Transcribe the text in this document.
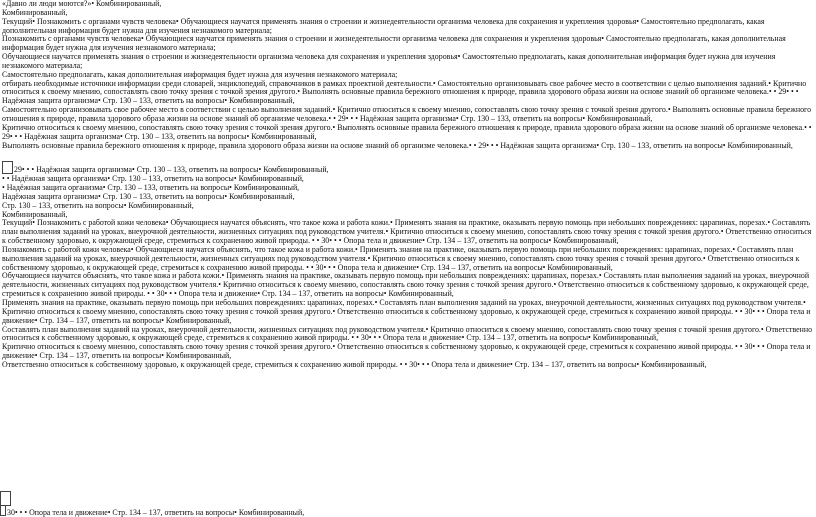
«Давно ли люди моются?»• Комбинированный,

Комбинированный,

Текущий• Познакомить с органами чувств человека• Обучающиеся научатся применять знания о строении и жизнедеятельности организма человека для сохранения и укрепления здоровья• Самостоятельно предполагать, какая дополнительная информация будет нужна для изучения незнакомого материала;

Познакомить с органами чувств человека• Обучающиеся научатся применять знания о строении и жизнедеятельности организма человека для сохранения и укрепления здоровья• Самостоятельно предполагать, какая дополнительная информация будет нужна для изучения незнакомого материала;

Обучающиеся научатся применять знания о строении и жизнедеятельности организма человека для сохранения и укрепления здоровья• Самостоятельно предполагать, какая дополнительная информация будет нужна для изучения незнакомого материала;

Самостоятельно предполагать, какая дополнительная информация будет нужна для изучения незнакомого материала;

отбирать необходимые источники информации среди словарей, энциклопедий, справочников в рамках проектной деятельности.• Самостоятельно организовывать свое рабочее место в соответствии с целью выполнения заданий.• Критично относиться к своему мнению, сопоставлять свою точку зрения с точкой зрения другого.• Выполнять основные правила бережного отношения к природе, правила здорового образа жизни на основе знаний об организме человека.• • 29• • • Надёжная защита организма• Стр. 130 – 133, ответить на вопросы• Комбинированный,

Самостоятельно организовывать свое рабочее место в соответствии с целью выполнения заданий.• Критично относиться к своему мнению, сопоставлять свою точку зрения с точкой зрения другого.• Выполнять основные правила бережного отношения к природе, правила здорового образа жизни на основе знаний об организме человека.• • 29• • • Надёжная защита организма• Стр. 130 – 133, ответить на вопросы• Комбинированный,

Критично относиться к своему мнению, сопоставлять свою точку зрения с точкой зрения другого.• Выполнять основные правила бережного отношения к природе, правила здорового образа жизни на основе знаний об организме человека.• • 29• • • Надёжная защита организма• Стр. 130 – 133, ответить на вопросы• Комбинированный,

Выполнять основные правила бережного отношения к природе, правила здорового образа жизни на основе знаний об организме человека.• • 29• • • Надёжная защита организма• Стр. 130 – 133, ответить на вопросы• Комбинированный,

29• • • Надёжная защита организма• Стр. 130 – 133, ответить на вопросы• Комбинированный,

• • Надёжная защита организма• Стр. 130 – 133, ответить на вопросы• Комбинированный,

• Надёжная защита организма• Стр. 130 – 133, ответить на вопросы• Комбинированный,

Надёжная защита организма• Стр. 130 – 133, ответить на вопросы• Комбинированный,

Стр. 130 – 133, ответить на вопросы• Комбинированный,

Комбинированный,

Текущий• Познакомить с работой кожи человека• Обучающиеся научатся объяснять, что такое кожа и работа кожи.• Применять знания на практике, оказывать первую помощь при небольших повреждениях: царапинах, порезах.• Составлять план выполнения заданий на уроках, внеурочной деятельности, жизненных ситуациях под руководством учителя.• Критично относиться к своему мнению, сопоставлять свою точку зрения с точкой зрения другого.• Ответственно относиться к собственному здоровью, к окружающей среде, стремиться к сохранению живой природы. • • 30• • • Опора тела и движение• Стр. 134 – 137, ответить на вопросы• Комбинированный,

Познакомить с работой кожи человека• Обучающиеся научатся объяснять, что такое кожа и работа кожи.• Применять знания на практике, оказывать первую помощь при небольших повреждениях: царапинах, порезах.• Составлять план выполнения заданий на уроках, внеурочной деятельности, жизненных ситуациях под руководством учителя.• Критично относиться к своему мнению, сопоставлять свою точку зрения с точкой зрения другого.• Ответственно относиться к собственному здоровью, к окружающей среде, стремиться к сохранению живой природы. • • 30• • • Опора тела и движение• Стр. 134 – 137, ответить на вопросы• Комбинированный,

Обучающиеся научатся объяснять, что такое кожа и работа кожи.• Применять знания на практике, оказывать первую помощь при небольших повреждениях: царапинах, порезах.• Составлять план выполнения заданий на уроках, внеурочной деятельности, жизненных ситуациях под руководством учителя.• Критично относиться к своему мнению, сопоставлять свою точку зрения с точкой зрения другого.• Ответственно относиться к собственному здоровью, к окружающей среде, стремиться к сохранению живой природы. • • 30• • • Опора тела и движение• Стр. 134 – 137, ответить на вопросы• Комбинированный,

Применять знания на практике, оказывать первую помощь при небольших повреждениях: царапинах, порезах.• Составлять план выполнения заданий на уроках, внеурочной деятельности, жизненных ситуациях под руководством учителя.• Критично относиться к своему мнению, сопоставлять свою точку зрения с точкой зрения другого.• Ответственно относиться к собственному здоровью, к окружающей среде, стремиться к сохранению живой природы. • • 30• • • Опора тела и движение• Стр. 134 – 137, ответить на вопросы• Комбинированный,

Составлять план выполнения заданий на уроках, внеурочной деятельности, жизненных ситуациях под руководством учителя.• Критично относиться к своему мнению, сопоставлять свою точку зрения с точкой зрения другого.• Ответственно относиться к собственному здоровью, к окружающей среде, стремиться к сохранению живой природы. • • 30• • • Опора тела и движение• Стр. 134 – 137, ответить на вопросы• Комбинированный,

Критично относиться к своему мнению, сопоставлять свою точку зрения с точкой зрения другого.• Ответственно относиться к собственному здоровью, к окружающей среде, стремиться к сохранению живой природы. • • 30• • • Опора тела и движение• Стр. 134 – 137, ответить на вопросы• Комбинированный,

Ответственно относиться к собственному здоровью, к окружающей среде, стремиться к сохранению живой природы. • • 30• • • Опора тела и движение• Стр. 134 – 137, ответить на вопросы• Комбинированный,

30• • • Опора тела и движение• Стр. 134 – 137, ответить на вопросы• Комбинированный,
